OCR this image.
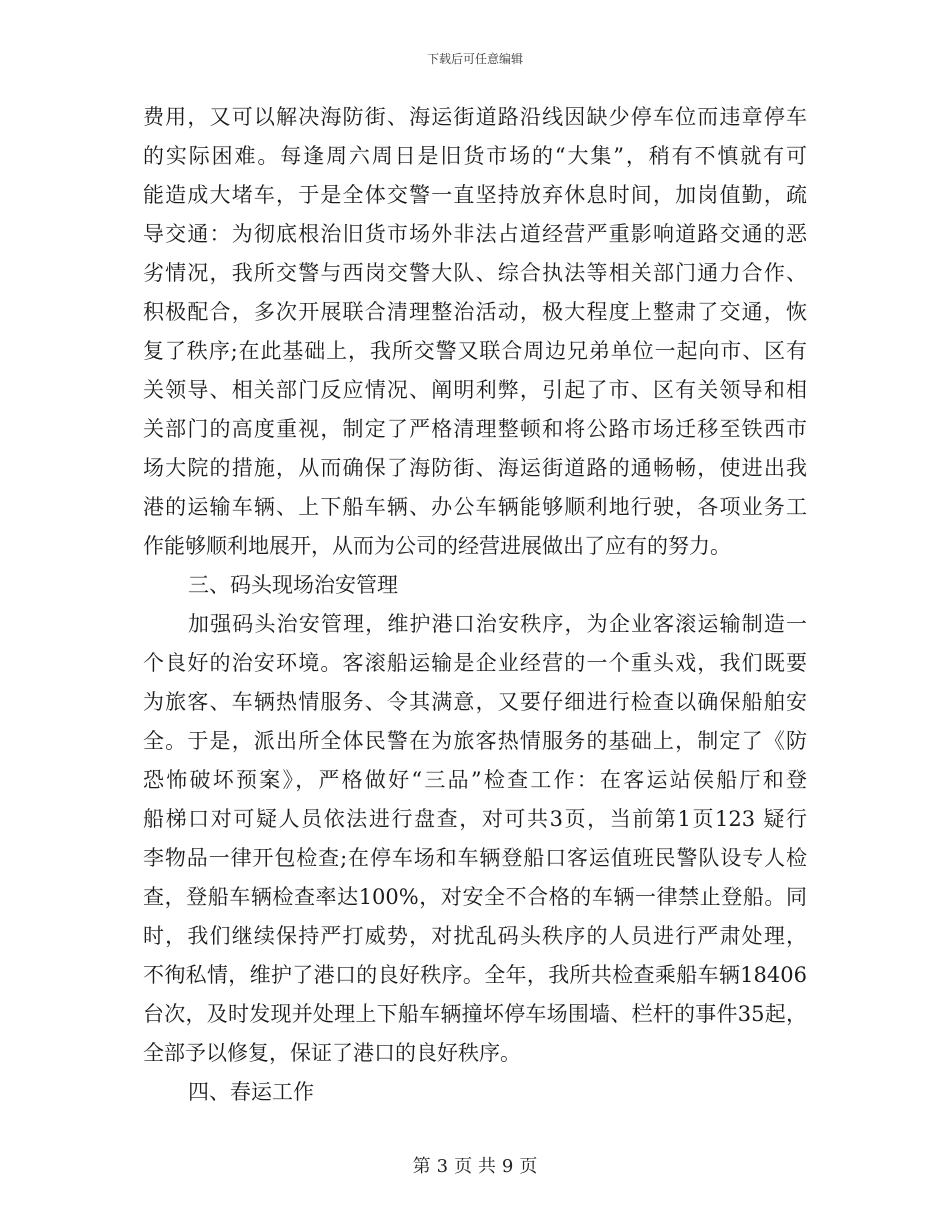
下载后可任意编辑
费用，又可以解决海防街、海运街道路沿线因缺少停车位而违章停车
的实际困难。每逢周六周日是旧货市场的“大集”，稍有不慎就有可
能造成大堵车，于是全体交警一直坚持放弃休息时间，加岗值勤，疏
导交通：为彻底根治旧货市场外非法占道经营严重影响道路交通的恶
劣情况，我所交警与西岗交警大队、综合执法等相关部门通力合作、
积极配合，多次开展联合清理整治活动，极大程度上整肃了交通，恢
复了秩序;在此基础上，我所交警又联合周边兄弟单位一起向市、区有
关领导、相关部门反应情况、阐明利弊，引起了市、区有关领导和相
关部门的高度重视，制定了严格清理整顿和将公路市场迁移至铁西市
场大院的措施，从而确保了海防街、海运街道路的通畅畅，使进出我
港的运输车辆、上下船车辆、办公车辆能够顺利地行驶，各项业务工
作能够顺利地展开，从而为公司的经营进展做出了应有的努力。
三、码头现场治安管理
加强码头治安管理，维护港口治安秩序，为企业客滚运输制造一
个良好的治安环境。客滚船运输是企业经营的一个重头戏，我们既要
为旅客、车辆热情服务、令其满意，又要仔细进行检查以确保船舶安
全。于是，派出所全体民警在为旅客热情服务的基础上，制定了《防
恐怖破坏预案》，严格做好“三品”检查工作：在客运站侯船厅和登
船梯口对可疑人员依法进行盘查，对可共3页，当前第1页123 疑行
李物品一律开包检查;在停车场和车辆登船口客运值班民警队设专人检
查，登船车辆检查率达100%，对安全不合格的车辆一律禁止登船。同
时，我们继续保持严打威势，对扰乱码头秩序的人员进行严肃处理，
不徇私情，维护了港口的良好秩序。全年，我所共检查乘船车辆18406
台次，及时发现并处理上下船车辆撞坏停车场围墙、栏杆的事件35起，
全部予以修复，保证了港口的良好秩序。
四、春运工作
第 3 页 共 9 页
